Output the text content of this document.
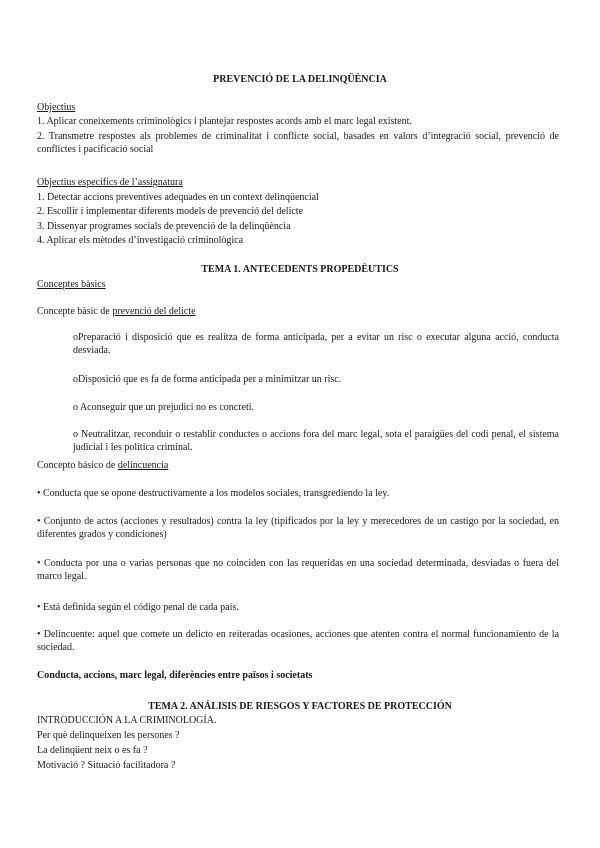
PREVENCIÓ DE LA DELINQÜÈNCIA
Objectius
1. Aplicar coneixements criminològics i plantejar respostes acords amb el marc legal existent.
2. Transmetre respostes als problemes de criminalitat i conflicte social, basades en valors d’integració social, prevenció de conflictes i pacificació social
Objectius específics de l’assignatura
1. Detectar accions preventives adequades en un context delinqüencial
2. Escollir i implementar diferents models de prevenció del delicte
3. Dissenyar programes socials de prevenció de la delinqüència
4. Aplicar els mètodes d’investigació criminològica
TEMA 1. ANTECEDENTS PROPEDÈUTICS
Conceptes bàsics
Concepte bàsic de prevenció del delicte
oPreparació i disposició que es realitza de forma anticipada, per a evitar un risc o executar alguna acció, conducta desviada.
oDisposició que es fa de forma anticipada per a minimitzar un risc.
o Aconseguir que un prejudici no es concreti.
o Neutralitzar, reconduir o restablir conductes o accions fora del marc legal, sota el paraigües del codi penal, el sistema judicial i les política criminal.
Concepto básico de delincuencia
• Conducta que se opone destructivamente a los modelos sociales, transgrediendo la ley.
• Conjunto de actos (acciones y resultados) contra la ley (tipificados por la ley y merecedores de un castigo por la sociedad, en diferentes grados y condiciones)
• Conducta por una o varias personas que no coinciden con las requeridas en una sociedad determinada, desviadas o fuera del marco legal.
• Está definida según el código penal de cada país.
• Delincuente: aquel que comete un delicto en reiteradas ocasiones, acciones que atenten contra el normal funcionamiento de la sociedad.
Conducta, accions, marc legal, diferències entre països i societats
TEMA 2. ANÁLISIS DE RIESGOS Y FACTORES DE PROTECCIÓN
INTRODUCCIÓN A LA CRIMINOLOGÍA.
Per què delinqueixen les persones ?
La delinqüent neix o es fa ?
Motivació ? Situació facilitadora ?
